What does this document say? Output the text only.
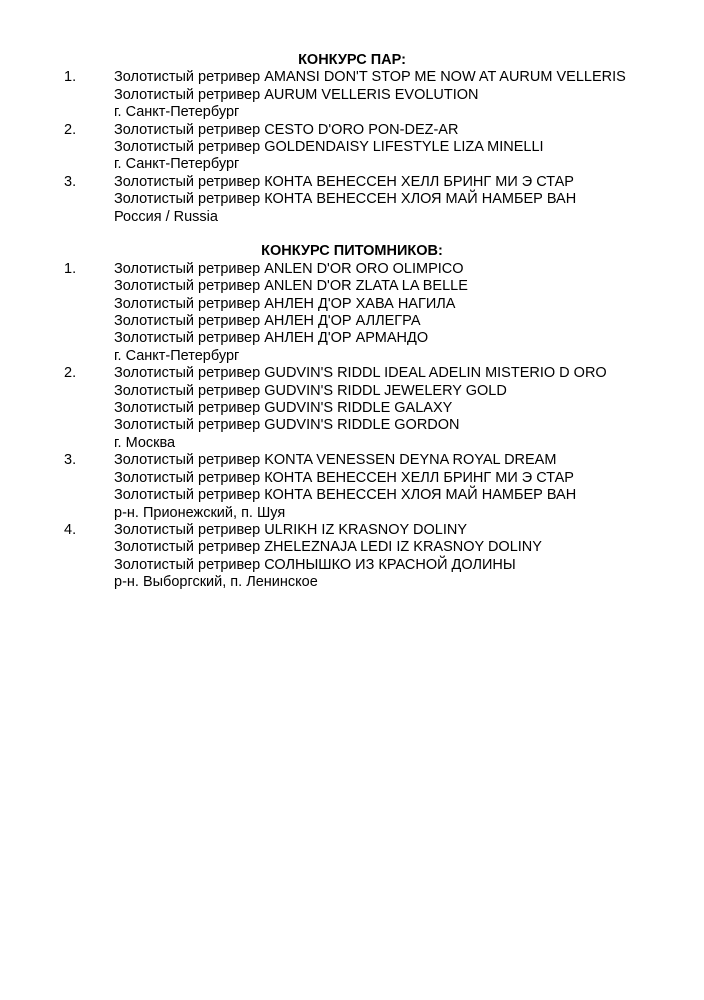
КОНКУРС ПАР:
1.	Золотистый ретривер AMANSI DON'T STOP ME NOW AT AURUM VELLERIS
Золотистый ретривер AURUM VELLERIS EVOLUTION
г. Санкт-Петербург
2.	Золотистый ретривер CESTO D'ORO PON-DEZ-AR
Золотистый ретривер GOLDENDAISY LIFESTYLE LIZA MINELLI
г. Санкт-Петербург
3.	Золотистый ретривер КОНТА ВЕНЕССЕН ХЕЛЛ БРИНГ МИ Э СТАР
Золотистый ретривер КОНТА ВЕНЕССЕН ХЛОЯ МАЙ НАМБЕР ВАН
Россия / Russia
КОНКУРС ПИТОМНИКОВ:
1.	Золотистый ретривер ANLEN D'OR ORO OLIMPICO
Золотистый ретривер ANLEN D'OR ZLATA LA BELLE
Золотистый ретривер АНЛЕН Д'ОР ХАВА НАГИЛА
Золотистый ретривер АНЛЕН Д'ОР АЛЛЕГРА
Золотистый ретривер АНЛЕН Д'ОР АРМАНДО
г. Санкт-Петербург
2.	Золотистый ретривер GUDVIN'S RIDDL IDEAL ADELIN MISTERIO D ORO
Золотистый ретривер GUDVIN'S RIDDL JEWELERY GOLD
Золотистый ретривер GUDVIN'S RIDDLE GALAXY
Золотистый ретривер GUDVIN'S RIDDLE GORDON
г. Москва
3.	Золотистый ретривер KONTA VENESSEN DEYNA ROYAL DREAM
Золотистый ретривер КОНТА ВЕНЕССЕН ХЕЛЛ БРИНГ МИ Э СТАР
Золотистый ретривер КОНТА ВЕНЕССЕН ХЛОЯ МАЙ НАМБЕР ВАН
р-н. Прионежский, п. Шуя
4.	Золотистый ретривер ULRIKH IZ KRASNOY DOLINY
Золотистый ретривер ZHELEZNAJA LEDI IZ KRASNOY DOLINY
Золотистый ретривер СОЛНЫШКО ИЗ КРАСНОЙ ДОЛИНЫ
р-н. Выборгский, п. Ленинское
